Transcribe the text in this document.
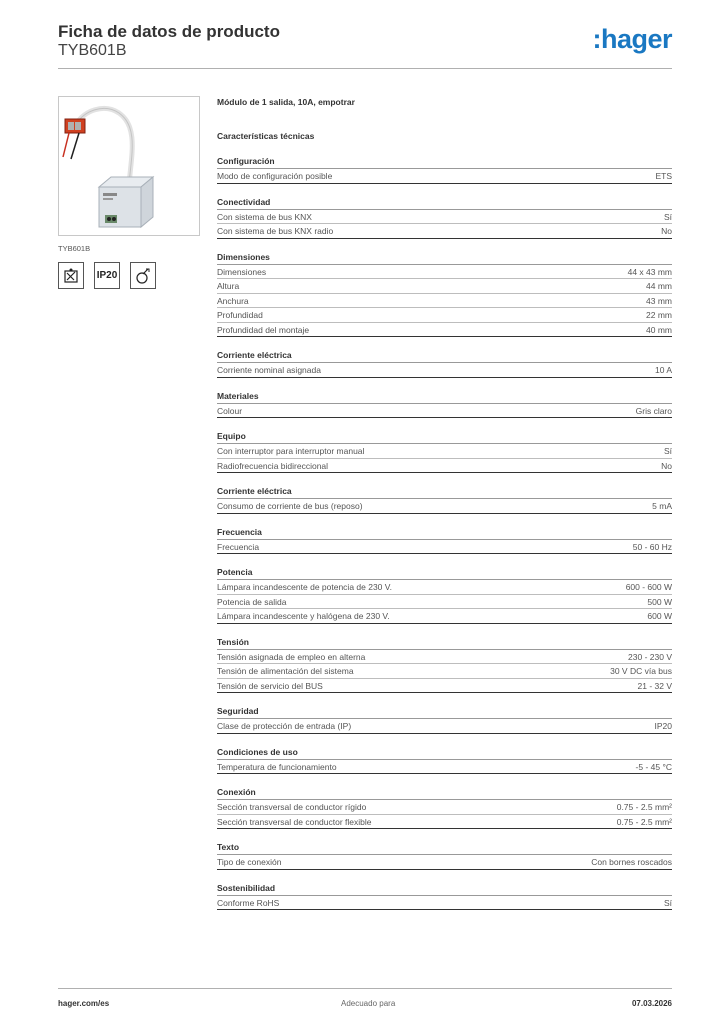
Ficha de datos de producto
TYB601B	:hager
TYB601B
IP20
Módulo de 1 salida, 10A, empotrar
Características técnicas
Configuración
Modo de configuración posible	ETS
Conectividad
Con sistema de bus KNX	Sí
Con sistema de bus KNX radio	No
Dimensiones
Dimensiones	44 x 43 mm
Altura	44 mm
Anchura	43 mm
Profundidad	22 mm
Profundidad del montaje	40 mm
Corriente eléctrica
Corriente nominal asignada	10 A
Materiales
Colour	Gris claro
Equipo
Con interruptor para interruptor manual	Sí
Radiofrecuencia bidireccional	No
Corriente eléctrica
Consumo de corriente de bus (reposo)	5 mA
Frecuencia
Frecuencia	50 - 60 Hz
Potencia
Lámpara incandescente de potencia de 230 V.	600 - 600 W
Potencia de salida	500 W
Lámpara incandescente y halógena de 230 V.	600 W
Tensión
Tensión asignada de empleo en alterna	230 - 230 V
Tensión de alimentación del sistema	30 V DC vía bus
Tensión de servicio del BUS	21 - 32 V
Seguridad
Clase de protección de entrada (IP)	IP20
Condiciones de uso
Temperatura de funcionamiento	-5 - 45 °C
Conexión
Sección transversal de conductor rígido	0.75 - 2.5 mm²
Sección transversal de conductor flexible	0.75 - 2.5 mm²
Texto
Tipo de conexión	Con bornes roscados
Sostenibilidad
Conforme RoHS	Sí
hager.com/es	Adecuado para	07.03.2026
